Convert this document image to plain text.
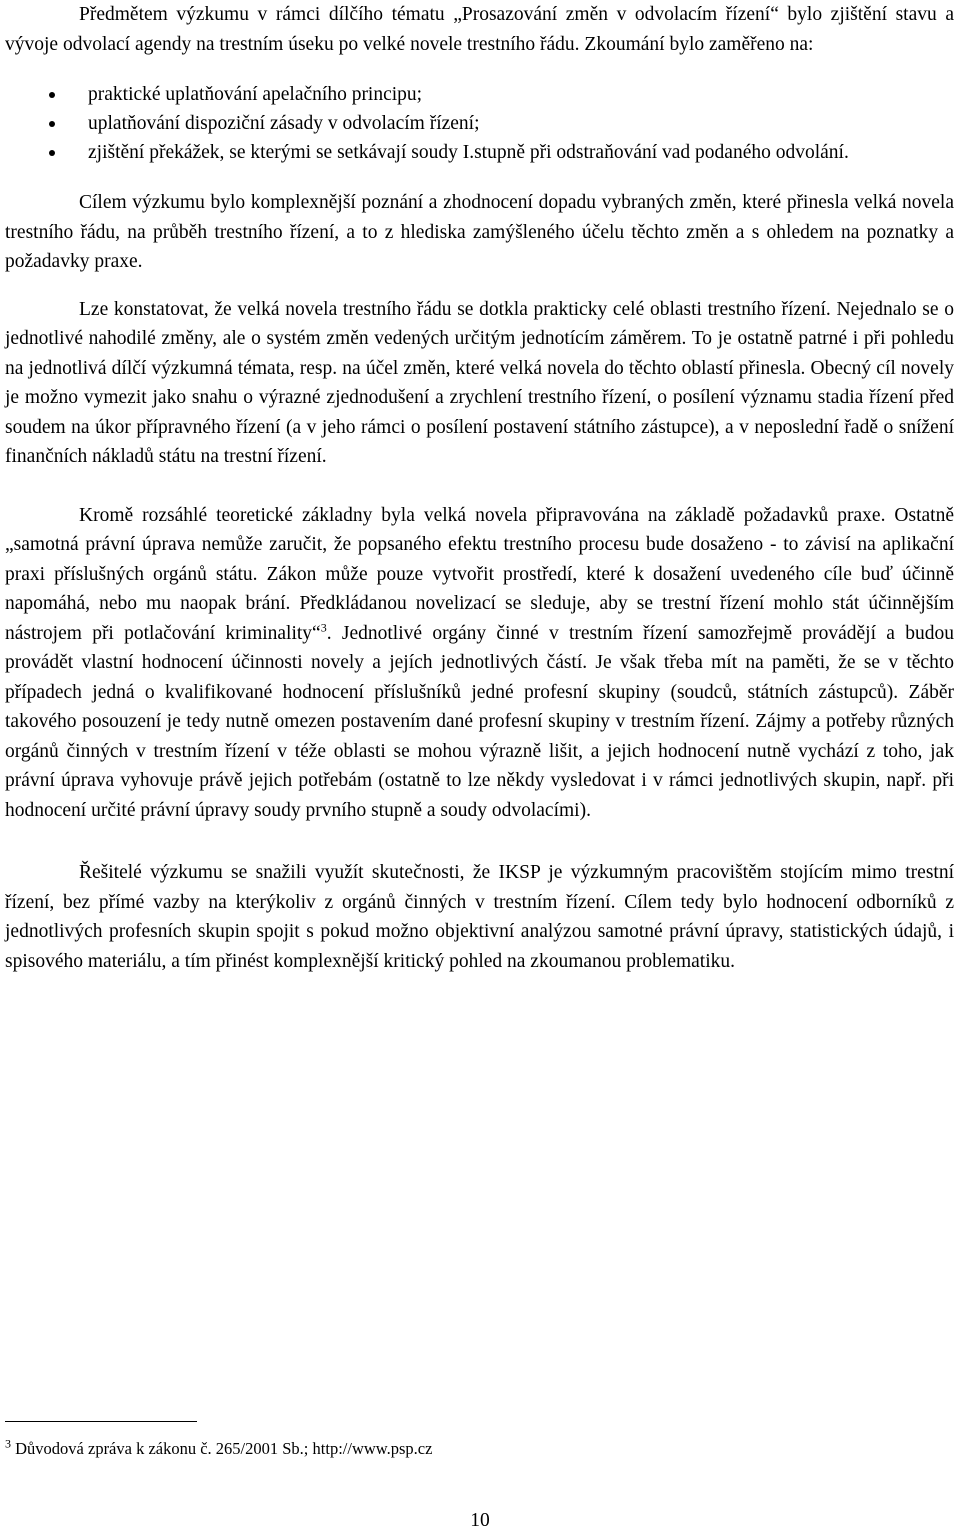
Předmětem výzkumu v rámci dílčího tématu „Prosazování změn v odvolacím řízení“ bylo zjištění stavu a vývoje odvolací agendy na trestním úseku po velké novele trestního řádu. Zkoumání bylo zaměřeno na:

praktické uplatňování apelačního principu;
uplatňování dispoziční zásady v odvolacím řízení;
zjištění překážek, se kterými se setkávají soudy I.stupně při odstraňování vad podaného odvolání.

Cílem výzkumu bylo komplexnější poznání a zhodnocení dopadu vybraných změn, které přinesla velká novela trestního řádu, na průběh trestního řízení, a to z hlediska zamýšleného účelu těchto změn a s ohledem na poznatky a požadavky praxe.

Lze konstatovat, že velká novela trestního řádu se dotkla prakticky celé oblasti trestního řízení. Nejednalo se o jednotlivé nahodilé změny, ale o systém změn vedených určitým jednotícím záměrem. To je ostatně patrné i při pohledu na jednotlivá dílčí výzkumná témata, resp. na účel změn, které velká novela do těchto oblastí přinesla. Obecný cíl novely je možno vymezit jako snahu o výrazné zjednodušení a zrychlení trestního řízení, o posílení významu stadia řízení před soudem na úkor přípravného řízení (a v jeho rámci o posílení postavení státního zástupce), a v neposlední řadě o snížení finančních nákladů státu na trestní řízení.

Kromě rozsáhlé teoretické základny byla velká novela připravována na základě požadavků praxe. Ostatně „samotná právní úprava nemůže zaručit, že popsaného efektu trestního procesu bude dosaženo - to závisí na aplikační praxi příslušných orgánů státu. Zákon může pouze vytvořit prostředí, které k dosažení uvedeného cíle buď účinně napomáhá, nebo mu naopak brání. Předkládanou novelizací se sleduje, aby se trestní řízení mohlo stát účinnějším nástrojem při potlačování kriminality“$^3$. Jednotlivé orgány činné v trestním řízení samozřejmě provádějí a budou provádět vlastní hodnocení účinnosti novely a jejích jednotlivých částí. Je však třeba mít na paměti, že se v těchto případech jedná o kvalifikované hodnocení příslušníků jedné profesní skupiny (soudců, státních zástupců). Záběr takového posouzení je tedy nutně omezen postavením dané profesní skupiny v trestním řízení. Zájmy a potřeby různých orgánů činných v trestním řízení v téže oblasti se mohou výrazně lišit, a jejich hodnocení nutně vychází z toho, jak právní úprava vyhovuje právě jejich potřebám (ostatně to lze někdy vysledovat i v rámci jednotlivých skupin, např. při hodnocení určité právní úpravy soudy prvního stupně a soudy odvolacími).

Řešitelé výzkumu se snažili využít skutečnosti, že IKSP je výzkumným pracovištěm stojícím mimo trestní řízení, bez přímé vazby na kterýkoliv z orgánů činných v trestním řízení. Cílem tedy bylo hodnocení odborníků z jednotlivých profesních skupin spojit s pokud možno objektivní analýzou samotné právní úpravy, statistických údajů, i spisového materiálu, a tím přinést komplexnější kritický pohled na zkoumanou problematiku.

$^3$ Důvodová zpráva k zákonu č. 265/2001 Sb.; http://www.psp.cz
10
